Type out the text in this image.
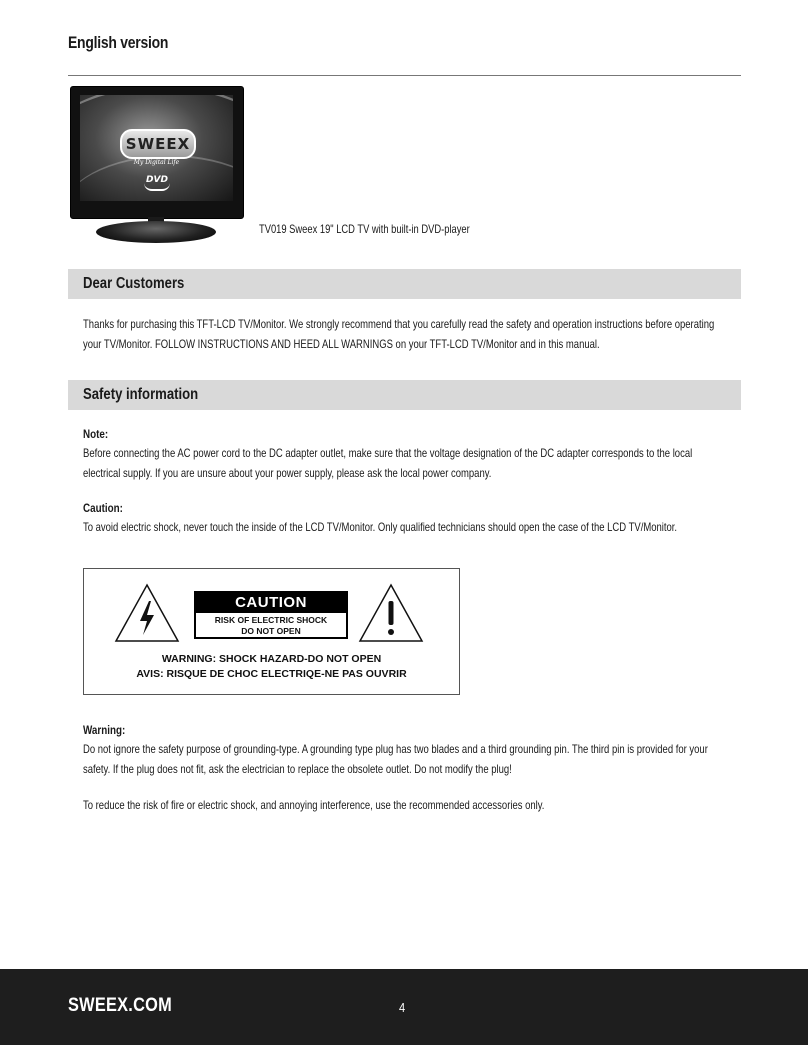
English version
SWEEX
My Digital Life
DVD
TV019 Sweex 19" LCD TV with built-in DVD-player
Dear Customers
Thanks for purchasing this TFT-LCD TV/Monitor. We strongly recommend that you carefully read the safety and operation instructions before operating your TV/Monitor. FOLLOW INSTRUCTIONS AND HEED ALL WARNINGS on your TFT-LCD TV/Monitor and in this manual.
Safety information
Note:
Before connecting the AC power cord to the DC adapter outlet, make sure that the voltage designation of the DC adapter corresponds to the local electrical supply. If you are unsure about your power supply, please ask the local power company.
Caution:
To avoid electric shock, never touch the inside of the LCD TV/Monitor. Only qualified technicians should open the case of the LCD TV/Monitor.
CAUTION
RISK OF ELECTRIC SHOCK
DO NOT OPEN
WARNING: SHOCK HAZARD-DO NOT OPEN
AVIS: RISQUE DE CHOC ELECTRIQE-NE PAS OUVRIR
Warning:
Do not ignore the safety purpose of grounding-type. A grounding type plug has two blades and a third grounding pin. The third pin is provided for your safety. If the plug does not fit, ask the electrician to replace the obsolete outlet. Do not modify the plug!
To reduce the risk of fire or electric shock, and annoying interference, use the recommended accessories only.
SWEEX.COM	4
